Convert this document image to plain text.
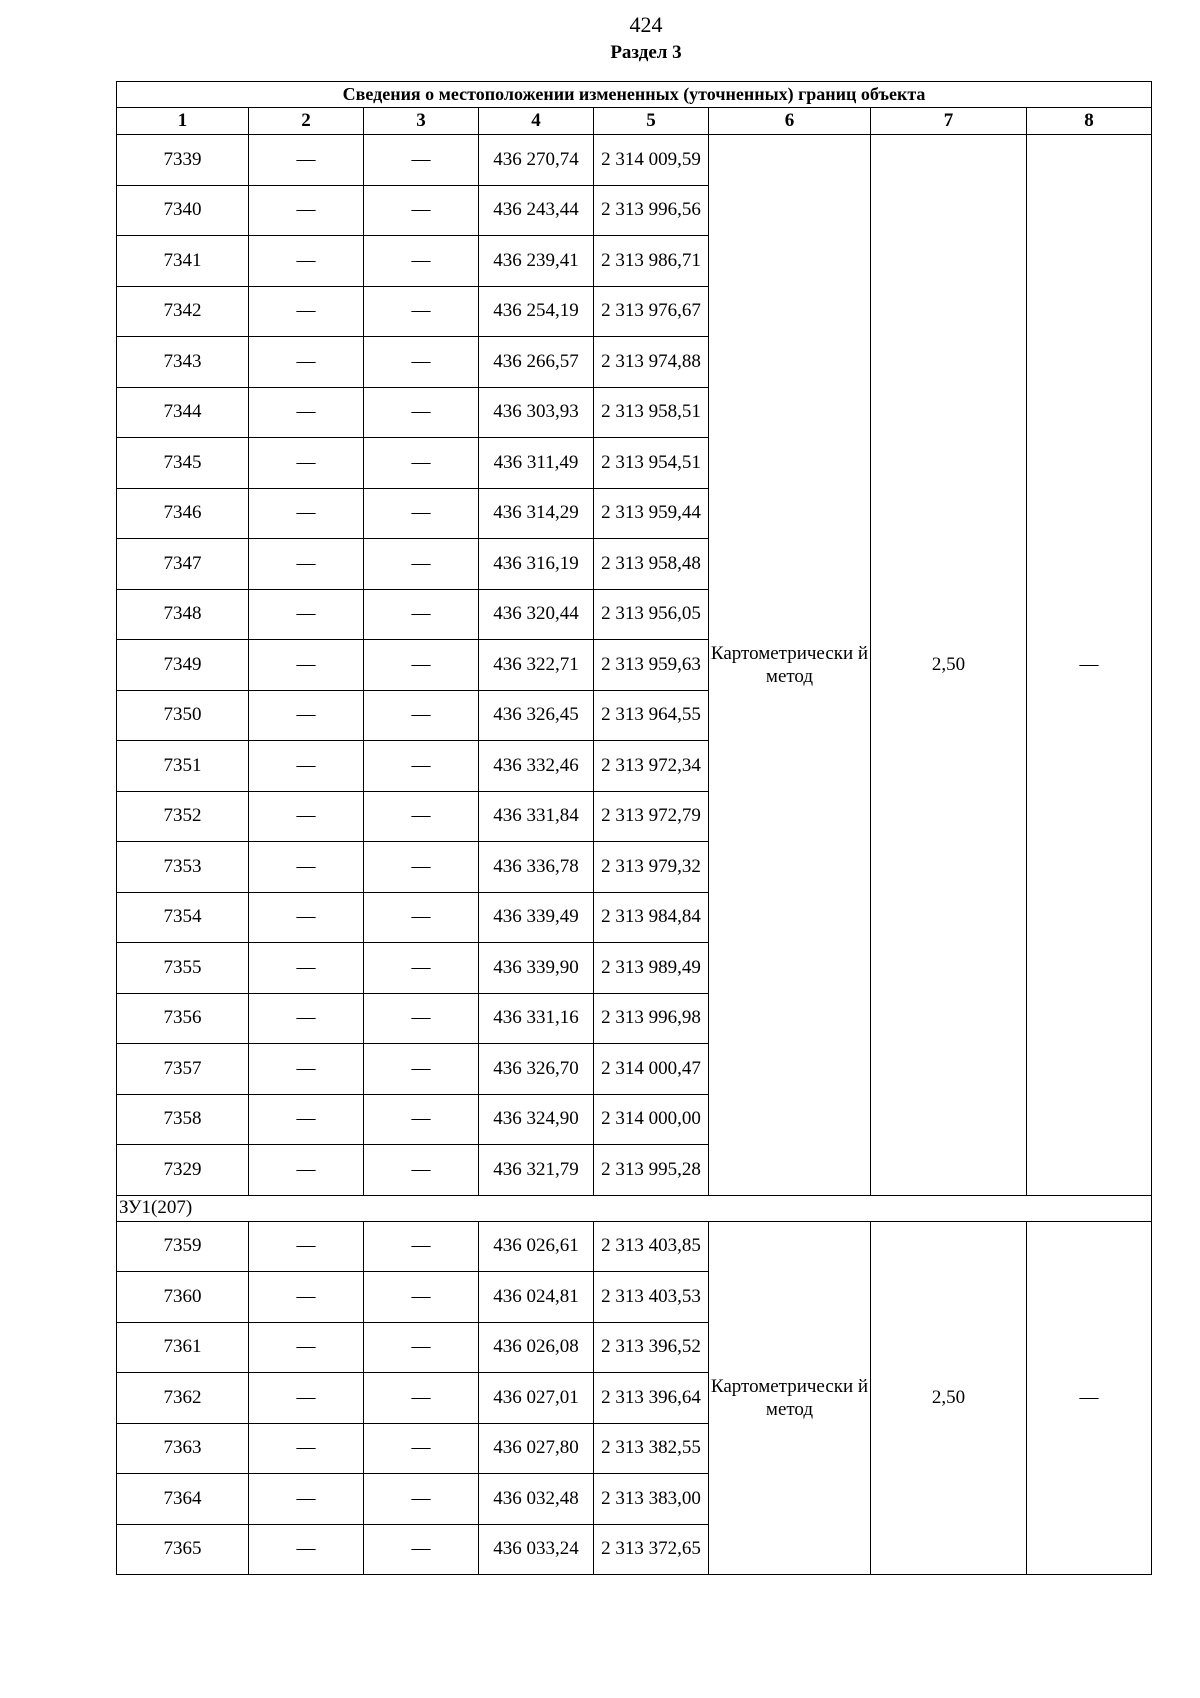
424
Раздел 3
Сведения о местоположении измененных (уточненных) границ объекта							
1	2	3	4	5	6	7	8
7339	—	—	436 270,74	2 314 009,59	Картометрически й метод	2,50	—
7340	—	—	436 243,44	2 313 996,56			
7341	—	—	436 239,41	2 313 986,71			
7342	—	—	436 254,19	2 313 976,67			
7343	—	—	436 266,57	2 313 974,88			
7344	—	—	436 303,93	2 313 958,51			
7345	—	—	436 311,49	2 313 954,51			
7346	—	—	436 314,29	2 313 959,44			
7347	—	—	436 316,19	2 313 958,48			
7348	—	—	436 320,44	2 313 956,05			
7349	—	—	436 322,71	2 313 959,63			
7350	—	—	436 326,45	2 313 964,55			
7351	—	—	436 332,46	2 313 972,34			
7352	—	—	436 331,84	2 313 972,79			
7353	—	—	436 336,78	2 313 979,32			
7354	—	—	436 339,49	2 313 984,84			
7355	—	—	436 339,90	2 313 989,49			
7356	—	—	436 331,16	2 313 996,98			
7357	—	—	436 326,70	2 314 000,47			
7358	—	—	436 324,90	2 314 000,00			
7329	—	—	436 321,79	2 313 995,28			
ЗУ1(207)							
7359	—	—	436 026,61	2 313 403,85	Картометрически й метод	2,50	—
7360	—	—	436 024,81	2 313 403,53			
7361	—	—	436 026,08	2 313 396,52			
7362	—	—	436 027,01	2 313 396,64			
7363	—	—	436 027,80	2 313 382,55			
7364	—	—	436 032,48	2 313 383,00			
7365	—	—	436 033,24	2 313 372,65			
